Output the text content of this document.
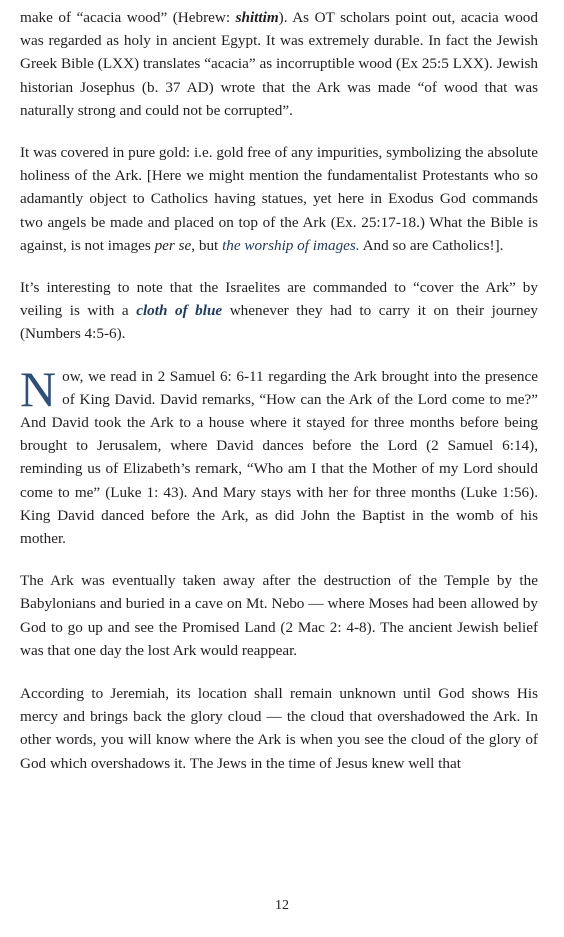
make of “acacia wood” (Hebrew: shittim). As OT scholars point out, acacia wood was regarded as holy in ancient Egypt. It was extremely durable. In fact the Jewish Greek Bible (LXX) translates “acacia” as incorruptible wood (Ex 25:5 LXX). Jewish historian Josephus (b. 37 AD) wrote that the Ark was made “of wood that was naturally strong and could not be corrupted”.

It was covered in pure gold: i.e. gold free of any impurities, symbolizing the absolute holiness of the Ark. [Here we might mention the fundamentalist Protestants who so adamantly object to Catholics having statues, yet here in Exodus God commands two angels be made and placed on top of the Ark (Ex. 25:17-18.) What the Bible is against, is not images per se, but the worship of images. And so are Catholics!].

It’s interesting to note that the Israelites are commanded to “cover the Ark” by veiling is with a cloth of blue whenever they had to carry it on their journey (Numbers 4:5-6).

Now, we read in 2 Samuel 6: 6-11 regarding the Ark brought into the presence of King David. David remarks, “How can the Ark of the Lord come to me?” And David took the Ark to a house where it stayed for three months before being brought to Jerusalem, where David dances before the Lord (2 Samuel 6:14), reminding us of Elizabeth’s remark, “Who am I that the Mother of my Lord should come to me” (Luke 1: 43). And Mary stays with her for three months (Luke 1:56). King David danced before the Ark, as did John the Baptist in the womb of his mother.

The Ark was eventually taken away after the destruction of the Temple by the Babylonians and buried in a cave on Mt. Nebo — where Moses had been allowed by God to go up and see the Promised Land (2 Mac 2: 4-8). The ancient Jewish belief was that one day the lost Ark would reappear.

According to Jeremiah, its location shall remain unknown until God shows His mercy and brings back the glory cloud — the cloud that overshadowed the Ark. In other words, you will know where the Ark is when you see the cloud of the glory of God which overshadows it. The Jews in the time of Jesus knew well that

12
